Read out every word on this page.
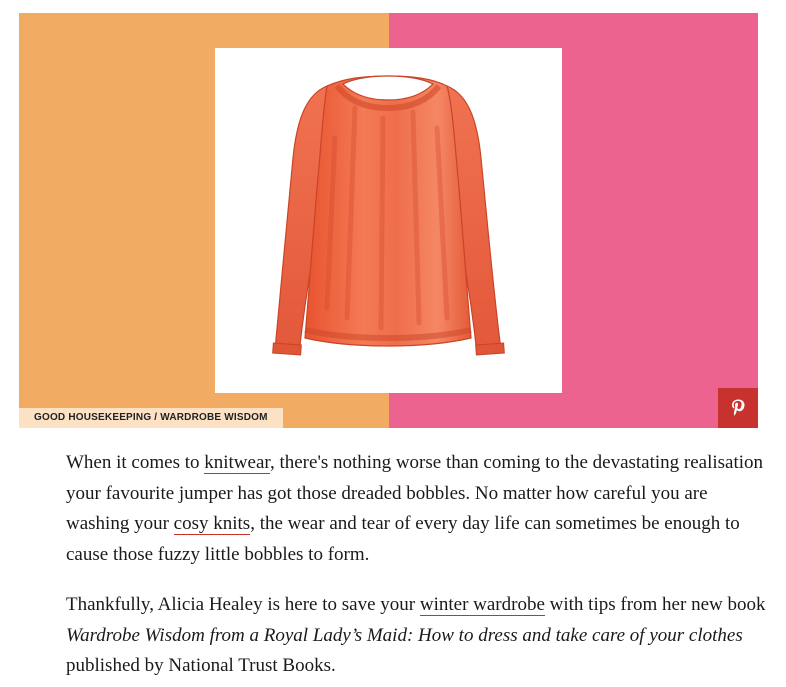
GOOD HOUSEKEEPING / WARDROBE WISDOM

When it comes to knitwear, there's nothing worse than coming to the devastating realisation your favourite jumper has got those dreaded bobbles. No matter how careful you are washing your cosy knits, the wear and tear of every day life can sometimes be enough to cause those fuzzy little bobbles to form.

Thankfully, Alicia Healey is here to save your winter wardrobe with tips from her new book Wardrobe Wisdom from a Royal Lady’s Maid: How to dress and take care of your clothes published by National Trust Books.
